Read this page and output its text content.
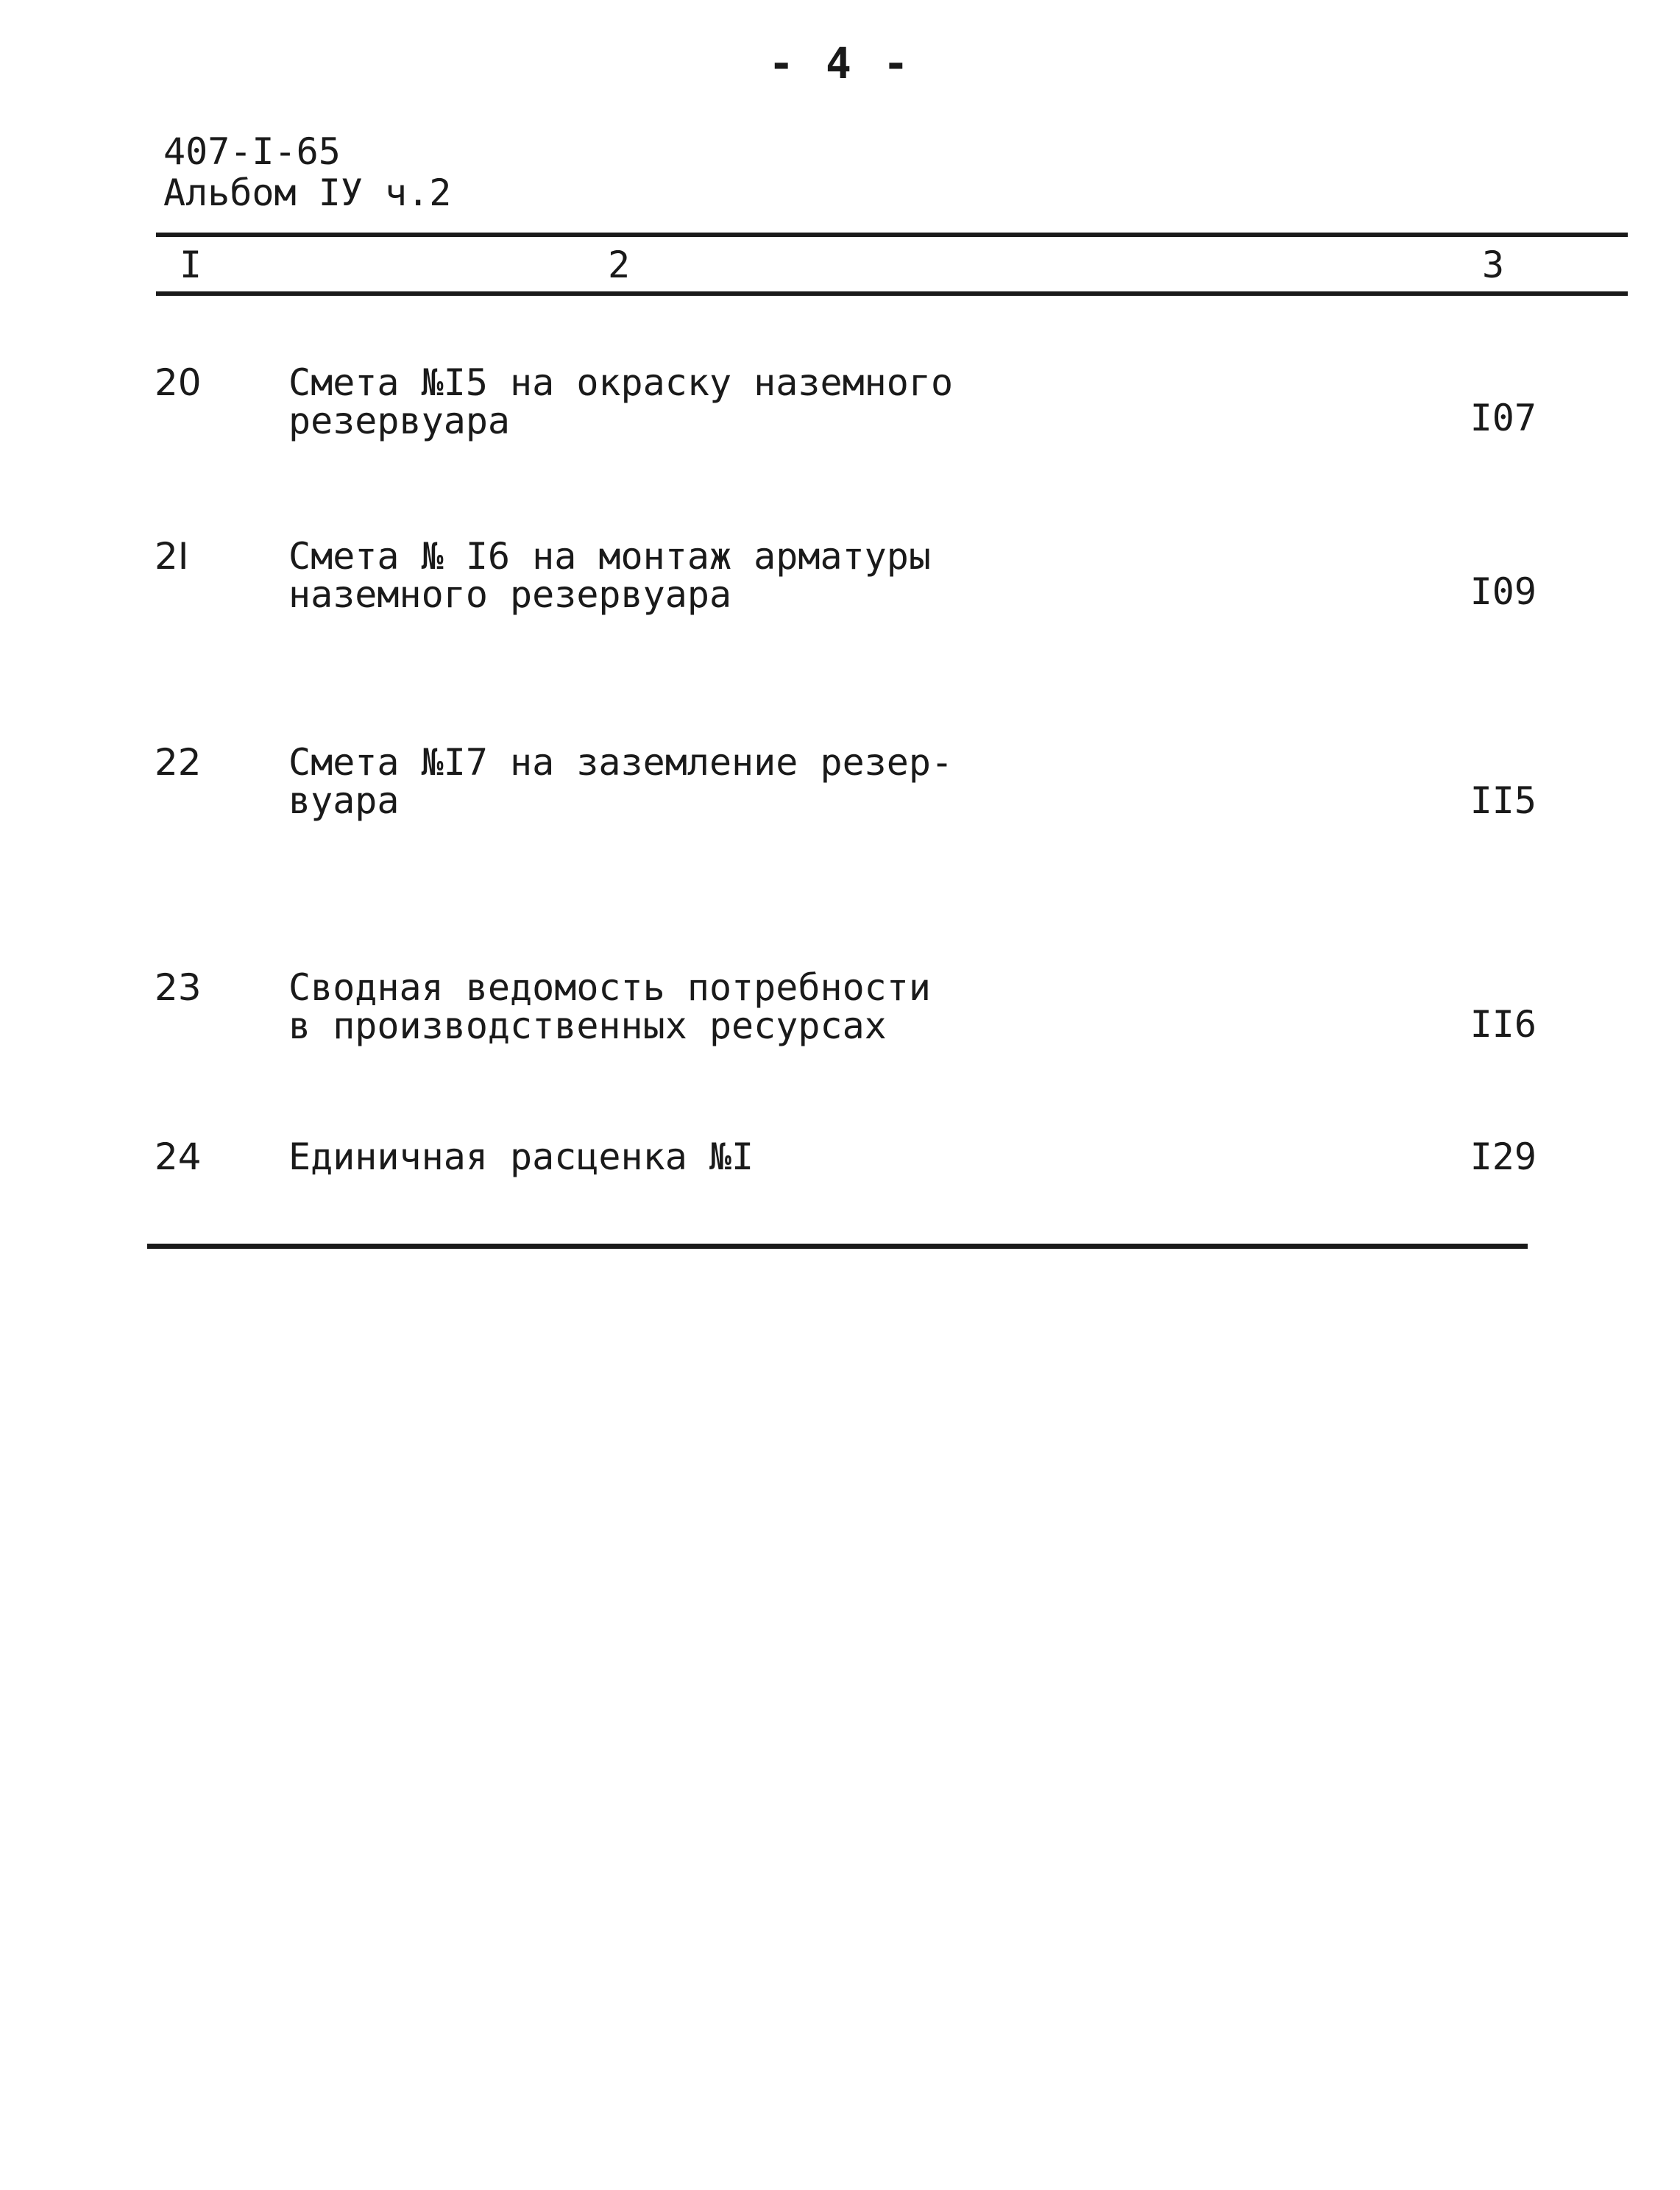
- 4 -
407-I-65
Альбом IУ ч.2
I	2	3
20 Смета №I5 на окраску наземного
резервуара	I07
2I	Смета № I6 на монтаж арматуры
наземного резервуара	I09
22 Смета №I7 на заземление резер-
вуара	II5
23 Сводная ведомость потребности
в производственных ресурсах	II6
24 Единичная расценка №I	I29
